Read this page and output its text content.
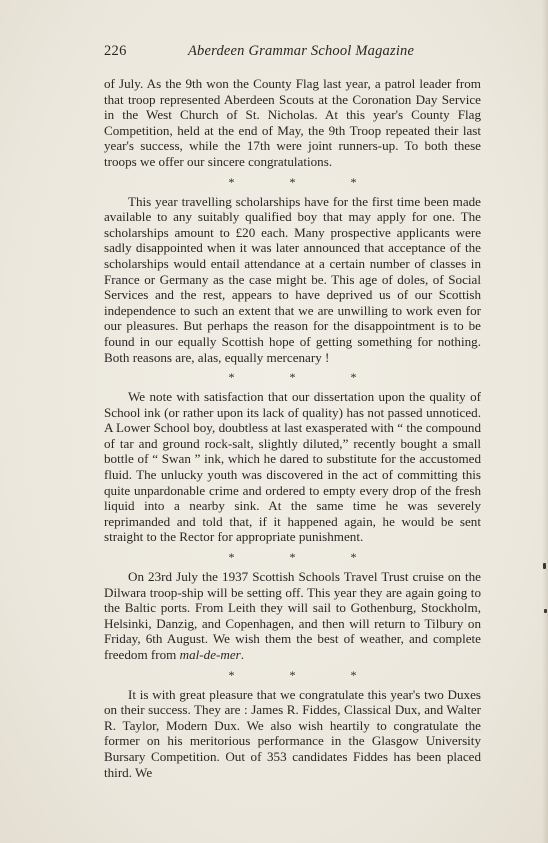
226	Aberdeen Grammar School Magazine

of July. As the 9th won the County Flag last year, a patrol leader from that troop represented Aberdeen Scouts at the Coronation Day Service in the West Church of St. Nicholas. At this year's County Flag Competition, held at the end of May, the 9th Troop repeated their last year's success, while the 17th were joint runners-up. To both these troops we offer our sincere congratulations.

* * *

This year travelling scholarships have for the first time been made available to any suitably qualified boy that may apply for one. The scholarships amount to £20 each. Many prospective applicants were sadly disappointed when it was later announced that acceptance of the scholarships would entail attendance at a certain number of classes in France or Germany as the case might be. This age of doles, of Social Services and the rest, appears to have deprived us of our Scottish independence to such an extent that we are unwilling to work even for our pleasures. But perhaps the reason for the disappointment is to be found in our equally Scottish hope of getting something for nothing. Both reasons are, alas, equally mercenary !

* * *

We note with satisfaction that our dissertation upon the quality of School ink (or rather upon its lack of quality) has not passed unnoticed. A Lower School boy, doubtless at last exasperated with “ the compound of tar and ground rock-salt, slightly diluted,” recently bought a small bottle of “ Swan ” ink, which he dared to substitute for the accustomed fluid. The unlucky youth was discovered in the act of committing this quite unpardonable crime and ordered to empty every drop of the fresh liquid into a nearby sink. At the same time he was severely reprimanded and told that, if it happened again, he would be sent straight to the Rector for appropriate punishment.

* * *

On 23rd July the 1937 Scottish Schools Travel Trust cruise on the Dilwara troop-ship will be setting off. This year they are again going to the Baltic ports. From Leith they will sail to Gothenburg, Stockholm, Helsinki, Danzig, and Copenhagen, and then will return to Tilbury on Friday, 6th August. We wish them the best of weather, and complete freedom from mal-de-mer.

* * *

It is with great pleasure that we congratulate this year's two Duxes on their success. They are : James R. Fiddes, Classical Dux, and Walter R. Taylor, Modern Dux. We also wish heartily to congratulate the former on his meritorious performance in the Glasgow University Bursary Competition. Out of 353 candidates Fiddes has been placed third. We
